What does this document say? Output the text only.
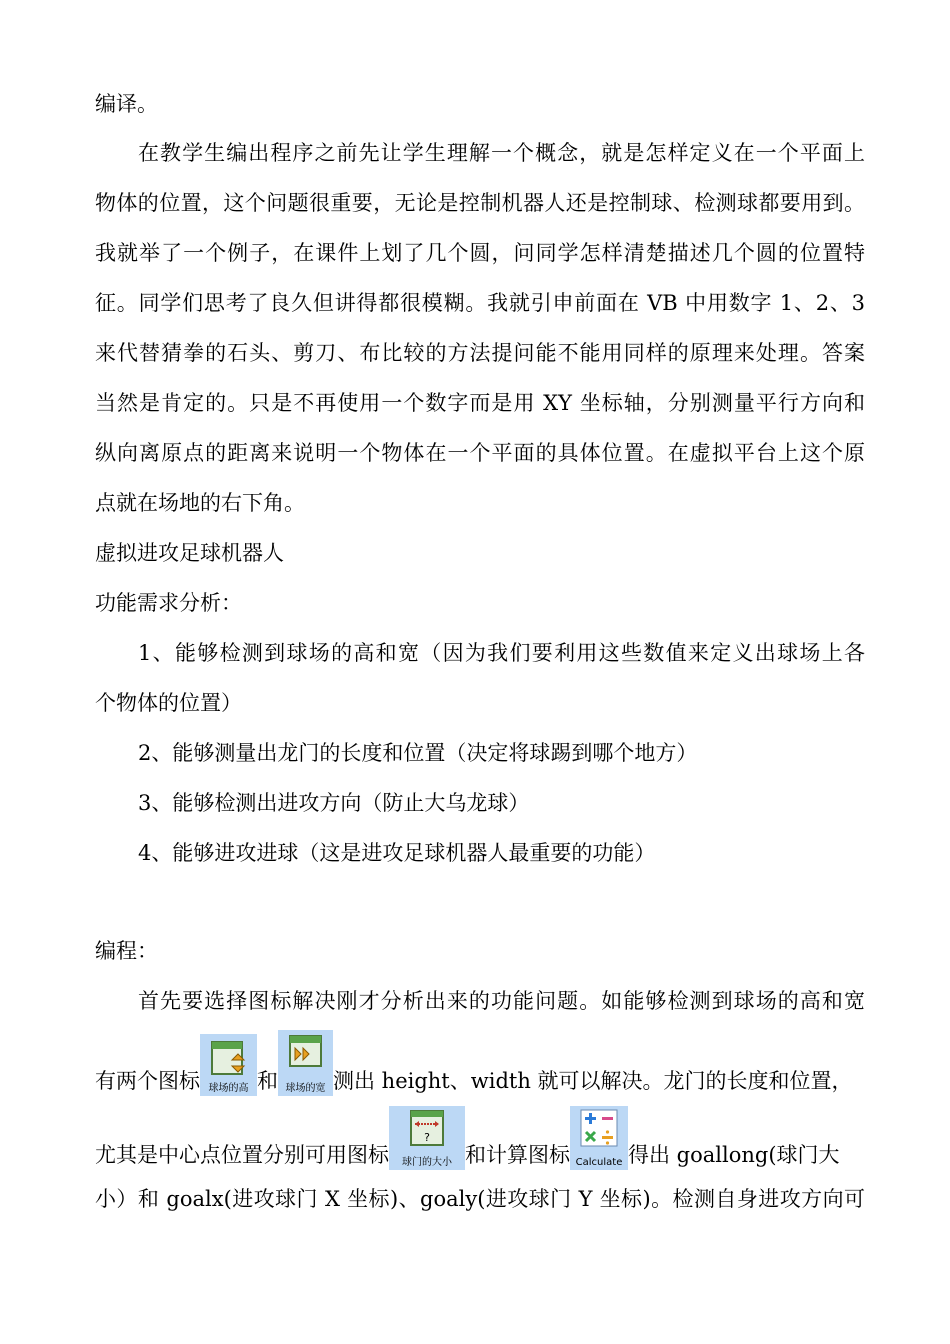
编译。
在教学生编出程序之前先让学生理解一个概念，就是怎样定义在一个平面上
物体的位置，这个问题很重要，无论是控制机器人还是控制球、检测球都要用到。
我就举了一个例子，在课件上划了几个圆，问同学怎样清楚描述几个圆的位置特
征。同学们思考了良久但讲得都很模糊。我就引申前面在 VB 中用数字 1、2、3
来代替猜拳的石头、剪刀、布比较的方法提问能不能用同样的原理来处理。答案
当然是肯定的。只是不再使用一个数字而是用 XY 坐标轴，分别测量平行方向和
纵向离原点的距离来说明一个物体在一个平面的具体位置。在虚拟平台上这个原
点就在场地的右下角。
虚拟进攻足球机器人
功能需求分析：
1、能够检测到球场的高和宽（因为我们要利用这些数值来定义出球场上各
个物体的位置）
2、能够测量出龙门的长度和位置（决定将球踢到哪个地方）
3、能够检测出进攻方向（防止大乌龙球）
4、能够进攻进球（这是进攻足球机器人最重要的功能）
编程：
首先要选择图标解决刚才分析出来的功能问题。如能够检测到球场的高和宽
有两个图标 球场的高 和 球场的宽 测出 height、width 就可以解决。龙门的长度和位置，
尤其是中心点位置分别可用图标
?
球门的大小 和计算图标 Calculate 得出 goallong(球门大
小）和 goalx(进攻球门 X 坐标)、goaly(进攻球门 Y 坐标)。检测自身进攻方向可
